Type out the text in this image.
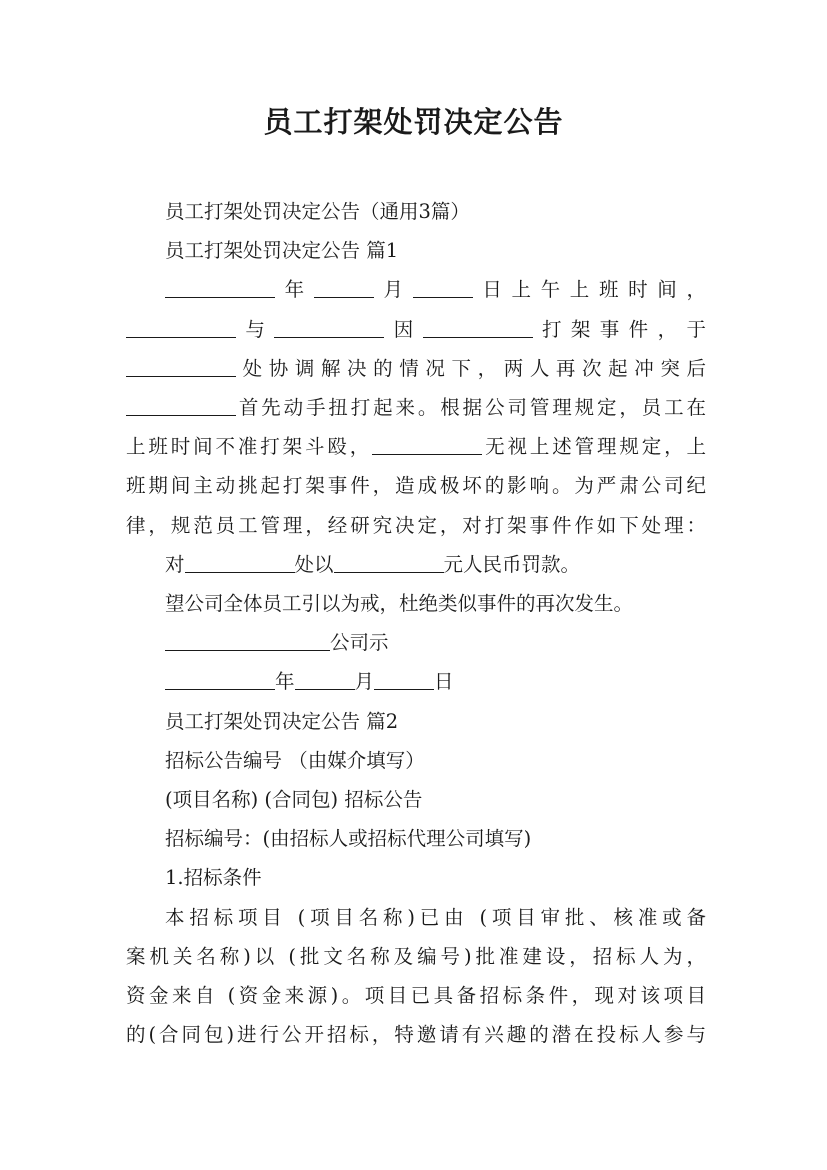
员工打架处罚决定公告

员工打架处罚决定公告（通用3篇）

员工打架处罚决定公告 篇1

年	月	日上午上班时间，

与	因	打架事件，于

处协调解决的情况下，两人再次起冲突后

首先动手扭打起来。根据公司管理规定，员工在

上班时间不准打架斗殴，	无视上述管理规定，上

班期间主动挑起打架事件，造成极坏的影响。为严肃公司纪

律，规范员工管理，经研究决定，对打架事件作如下处理：

对	处以	元人民币罚款。

望公司全体员工引以为戒，杜绝类似事件的再次发生。

公司示

年	月	日

员工打架处罚决定公告 篇2

招标公告编号 （由媒介填写）

(项目名称) (合同包) 招标公告

招标编号：(由招标人或招标代理公司填写)

1.招标条件

本招标项目 (项目名称)已由 (项目审批、核准或备

案机关名称)以 (批文名称及编号)批准建设，招标人为，

资金来自 (资金来源)。项目已具备招标条件，现对该项目

的(合同包)进行公开招标，特邀请有兴趣的潜在投标人参与
